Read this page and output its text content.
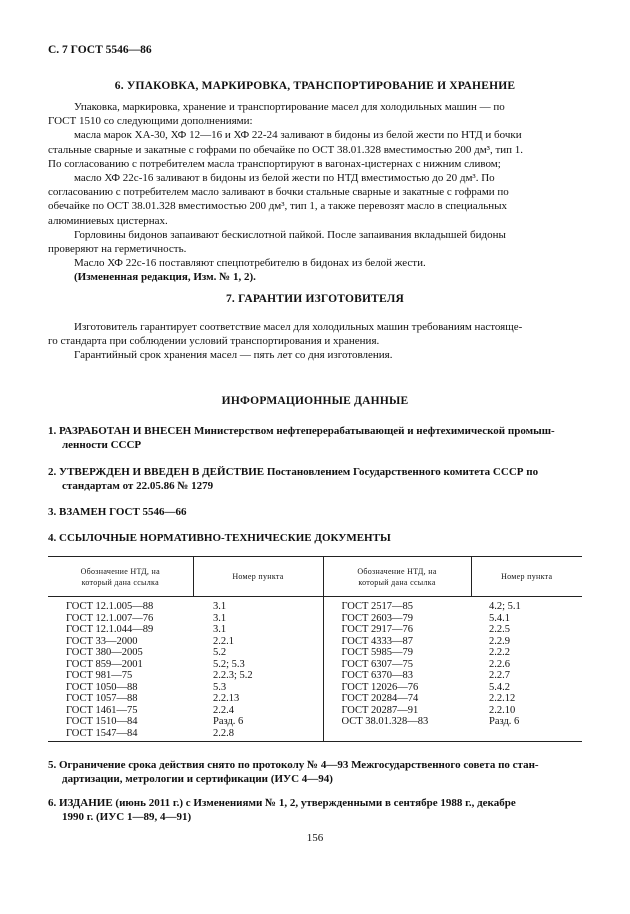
С. 7 ГОСТ 5546—86
6. УПАКОВКА, МАРКИРОВКА, ТРАНСПОРТИРОВАНИЕ И ХРАНЕНИЕ
Упаковка, маркировка, хранение и транспортирование масел для холодильных машин — по
ГОСТ 1510 со следующими дополнениями:
масла марок ХА-30, ХФ 12—16 и ХФ 22-24 заливают в бидоны из белой жести по НТД и бочки
стальные сварные и закатные с гофрами по обечайке по ОСТ 38.01.328 вместимостью 200 дм³, тип 1.
По согласованию с потребителем масла транспортируют в вагонах-цистернах с нижним сливом;
масло ХФ 22с-16 заливают в бидоны из белой жести по НТД вместимостью до 20 дм³. По
согласованию с потребителем масло заливают в бочки стальные сварные и закатные с гофрами по
обечайке по ОСТ 38.01.328 вместимостью 200 дм³, тип 1, а также перевозят масло в специальных
алюминиевых цистернах.
Горловины бидонов запаивают бескислотной пайкой. После запаивания вкладышей бидоны
проверяют на герметичность.
Масло ХФ 22с-16 поставляют спецпотребителю в бидонах из белой жести.
(Измененная редакция, Изм. № 1, 2).
7. ГАРАНТИИ ИЗГОТОВИТЕЛЯ
Изготовитель гарантирует соответствие масел для холодильных машин требованиям настояще-
го стандарта при соблюдении условий транспортирования и хранения.
Гарантийный срок хранения масел — пять лет со дня изготовления.
ИНФОРМАЦИОННЫЕ ДАННЫЕ
1. РАЗРАБОТАН И ВНЕСЕН Министерством нефтеперерабатывающей и нефтехимической промыш-
ленности СССР
2. УТВЕРЖДЕН И ВВЕДЕН В ДЕЙСТВИЕ Постановлением Государственного комитета СССР по
стандартам от 22.05.86 № 1279
3. ВЗАМЕН ГОСТ 5546—66
4. ССЫЛОЧНЫЕ НОРМАТИВНО-ТЕХНИЧЕСКИЕ ДОКУМЕНТЫ
Обозначение НТД, на
который дана ссылка	Номер пункта	Обозначение НТД, на
который дана ссылка	Номер пункта
ГОСТ 12.1.005—88	3.1	ГОСТ 2517—85	4.2; 5.1
ГОСТ 12.1.007—76	3.1	ГОСТ 2603—79	5.4.1
ГОСТ 12.1.044—89	3.1	ГОСТ 2917—76	2.2.5
ГОСТ 33—2000	2.2.1	ГОСТ 4333—87	2.2.9
ГОСТ 380—2005	5.2	ГОСТ 5985—79	2.2.2
ГОСТ 859—2001	5.2; 5.3	ГОСТ 6307—75	2.2.6
ГОСТ 981—75	2.2.3; 5.2	ГОСТ 6370—83	2.2.7
ГОСТ 1050—88	5.3	ГОСТ 12026—76	5.4.2
ГОСТ 1057—88	2.2.13	ГОСТ 20284—74	2.2.12
ГОСТ 1461—75	2.2.4	ГОСТ 20287—91	2.2.10
ГОСТ 1510—84	Разд. 6	ОСТ 38.01.328—83	Разд. 6
ГОСТ 1547—84	2.2.8		
5. Ограничение срока действия снято по протоколу № 4—93 Межгосударственного совета по стан-
дартизации, метрологии и сертификации (ИУС 4—94)
6. ИЗДАНИЕ (июнь 2011 г.) с Изменениями № 1, 2, утвержденными в сентябре 1988 г., декабре
1990 г. (ИУС 1—89, 4—91)
156
